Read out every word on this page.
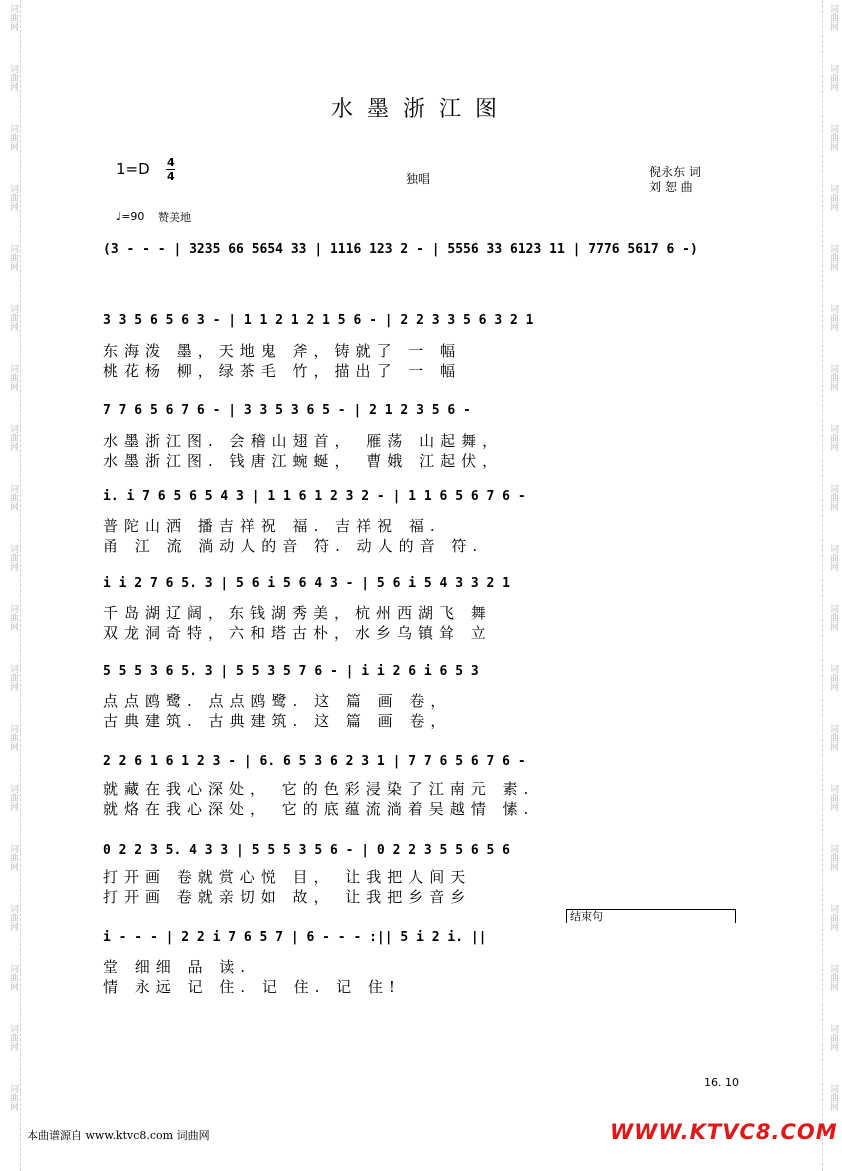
词曲网
词曲网
词曲网
词曲网
词曲网
词曲网
词曲网
词曲网
词曲网
词曲网
词曲网
词曲网
词曲网
词曲网
词曲网
词曲网
词曲网
词曲网
词曲网
词曲网
词曲网
词曲网
词曲网
词曲网
词曲网
词曲网
词曲网
词曲网
词曲网
词曲网
词曲网
词曲网
词曲网
词曲网
词曲网
词曲网
词曲网
词曲网
水墨浙江图
1=D 4
4	独唱	倪永东 词
刘 恕 曲
♩=90 赞美地
(3 - - - | 3235 66 5654 33 | 1116 123 2 - | 5556 33 6123 11 | 7776 5617 6 -)
3 3 5 6 5 6 3 - | 1 1 2 1 2 1 5 6 - | 2 2 3 3 5 6 3 2 1
东海泼 墨，天地鬼 斧，铸就了 一 幅
桃花杨 柳，绿茶毛 竹，描出了 一 幅
7 7 6 5 6 7 6 - | 3 3 5 3 6 5 - | 2 1 2 3 5 6 -
水墨浙江图. 会稽山翅首， 雁荡 山起舞，
水墨浙江图. 钱唐江蜿蜒， 曹娥 江起伏，
i. i 7 6 5 6 5 4 3 | 1 1 6 1 2 3 2 - | 1 1 6 5 6 7 6 -
普陀山洒 播吉祥祝 福. 吉祥祝 福.
甬 江 流 淌动人的音 符. 动人的音 符.
i i 2 7 6 5. 3 | 5 6 i 5 6 4 3 - | 5 6 i 5 4 3 3 2 1
千岛湖辽阔，东钱湖秀美，杭州西湖飞 舞
双龙洞奇特，六和塔古朴，水乡乌镇耸 立
5 5 5 3 6 5. 3 | 5 5 3 5 7 6 - | i i 2 6 i 6 5 3
点点鸥鹭. 点点鸥鹭. 这 篇 画 卷，
古典建筑. 古典建筑. 这 篇 画 卷，
2 2 6 1 6 1 2 3 - | 6. 6 5 3 6 2 3 1 | 7 7 6 5 6 7 6 -
就藏在我心深处， 它的色彩浸染了江南元 素.
就烙在我心深处， 它的底蕴流淌着吴越情 愫.
0 2 2 3 5. 4 3 3 | 5 5 5 3 5 6 - | 0 2 2 3 5 5 6 5 6
打开画 卷就赏心悦 目， 让我把人间天
打开画 卷就亲切如 故， 让我把乡音乡
结束句
i - - - | 2 2 i 7 6 5 7 | 6 - - - :|| 5 i 2 i. ||
堂 细细 品 读.
情 永远 记 住. 记 住. 记 住!
16. 10
本曲谱源自 www.ktvc8.com 词曲网	WWW.KTVC8.COM
